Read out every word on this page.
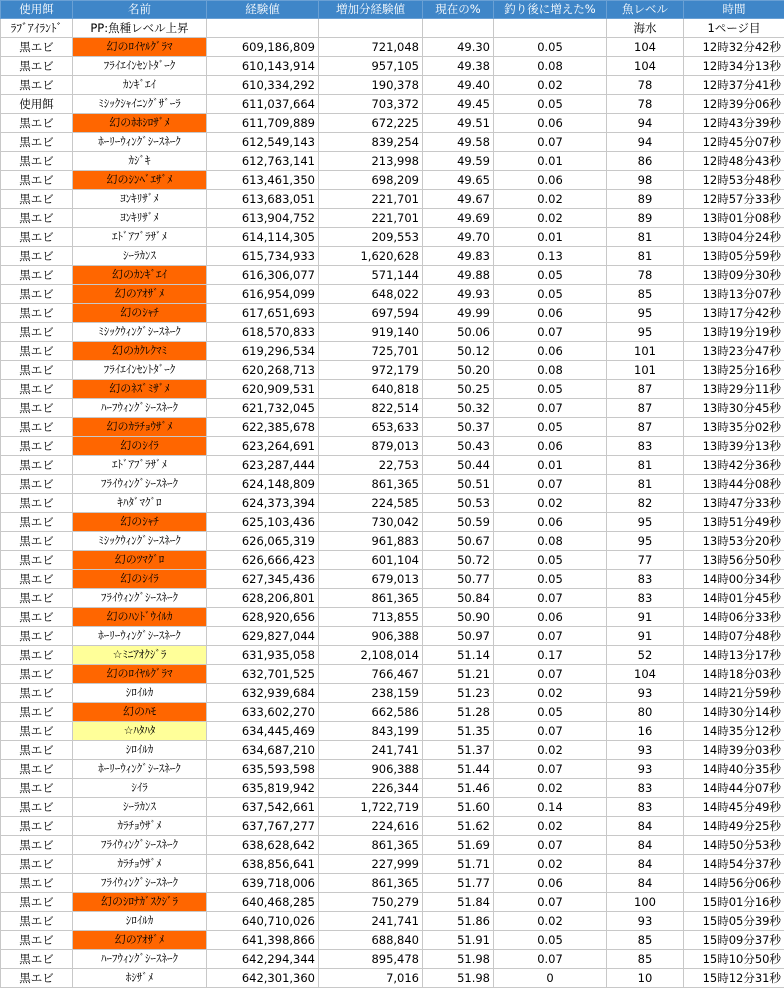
使用餌	名前	経験値	増加分経験値	現在の%	釣り後に増えた%	魚レベル	時間
ﾗﾌﾞｱｲﾗﾝﾄﾞ	PP:魚種レベル上昇					海水	1ページ目
黒エビ	幻のﾛｲﾔﾙｸﾞﾗﾏ	609,186,809	721,048	49.30	0.05	104	12時32分42秒
黒エビ	ﾌﾗｲｴｲﾝｾﾝﾄﾀﾞｰｸ	610,143,914	957,105	49.38	0.08	104	12時34分13秒
黒エビ	ｶﾝｷﾞｴｲ	610,334,292	190,378	49.40	0.02	78	12時37分41秒
使用餌	ﾐｼｯｸｼｬｲﾆﾝｸﾞｻﾞｰﾗ	611,037,664	703,372	49.45	0.05	78	12時39分06秒
黒エビ	幻のﾎﾎｼﾛｻﾞﾒ	611,709,889	672,225	49.51	0.06	94	12時43分39秒
黒エビ	ﾎｰﾘｰｳｨﾝｸﾞｼｰｽﾈｰｸ	612,549,143	839,254	49.58	0.07	94	12時45分07秒
黒エビ	ｶｼﾞｷ	612,763,141	213,998	49.59	0.01	86	12時48分43秒
黒エビ	幻のｼﾝﾍﾞｴｻﾞﾒ	613,461,350	698,209	49.65	0.06	98	12時53分48秒
黒エビ	ﾖﾝｷﾘｻﾞﾒ	613,683,051	221,701	49.67	0.02	89	12時57分33秒
黒エビ	ﾖﾝｷﾘｻﾞﾒ	613,904,752	221,701	49.69	0.02	89	13時01分08秒
黒エビ	ｴﾄﾞｱﾌﾞﾗｻﾞﾒ	614,114,305	209,553	49.70	0.01	81	13時04分24秒
黒エビ	ｼｰﾗｶﾝｽ	615,734,933	1,620,628	49.83	0.13	81	13時05分59秒
黒エビ	幻のｶﾝｷﾞｴｲ	616,306,077	571,144	49.88	0.05	78	13時09分30秒
黒エビ	幻のｱｵｻﾞﾒ	616,954,099	648,022	49.93	0.05	85	13時13分07秒
黒エビ	幻のｼｬﾁ	617,651,693	697,594	49.99	0.06	95	13時17分42秒
黒エビ	ﾐｼｯｸｳｨﾝｸﾞｼｰｽﾈｰｸ	618,570,833	919,140	50.06	0.07	95	13時19分19秒
黒エビ	幻のｶｸﾚｸﾏﾐ	619,296,534	725,701	50.12	0.06	101	13時23分47秒
黒エビ	ﾌﾗｲｴｲﾝｾﾝﾄﾀﾞｰｸ	620,268,713	972,179	50.20	0.08	101	13時25分16秒
黒エビ	幻のﾈｽﾞﾐｻﾞﾒ	620,909,531	640,818	50.25	0.05	87	13時29分11秒
黒エビ	ﾊｰﾌｳｨﾝｸﾞｼｰｽﾈｰｸ	621,732,045	822,514	50.32	0.07	87	13時30分45秒
黒エビ	幻のｶﾗﾁｮｳｻﾞﾒ	622,385,678	653,633	50.37	0.05	87	13時35分02秒
黒エビ	幻のｼｲﾗ	623,264,691	879,013	50.43	0.06	83	13時39分13秒
黒エビ	ｴﾄﾞｱﾌﾞﾗｻﾞﾒ	623,287,444	22,753	50.44	0.01	81	13時42分36秒
黒エビ	ﾌﾗｲｳｨﾝｸﾞｼｰｽﾈｰｸ	624,148,809	861,365	50.51	0.07	81	13時44分08秒
黒エビ	ｷﾊﾀﾞﾏｸﾞﾛ	624,373,394	224,585	50.53	0.02	82	13時47分33秒
黒エビ	幻のｼｬﾁ	625,103,436	730,042	50.59	0.06	95	13時51分49秒
黒エビ	ﾐｼｯｸｳｨﾝｸﾞｼｰｽﾈｰｸ	626,065,319	961,883	50.67	0.08	95	13時53分20秒
黒エビ	幻のﾂﾏｸﾞﾛ	626,666,423	601,104	50.72	0.05	77	13時56分50秒
黒エビ	幻のｼｲﾗ	627,345,436	679,013	50.77	0.05	83	14時00分34秒
黒エビ	ﾌﾗｲｳｨﾝｸﾞｼｰｽﾈｰｸ	628,206,801	861,365	50.84	0.07	83	14時01分45秒
黒エビ	幻のﾊﾝﾄﾞｳｲﾙｶ	628,920,656	713,855	50.90	0.06	91	14時06分33秒
黒エビ	ﾎｰﾘｰｳｨﾝｸﾞｼｰｽﾈｰｸ	629,827,044	906,388	50.97	0.07	91	14時07分48秒
黒エビ	☆ﾐﾆｱｵｸｼﾞﾗ	631,935,058	2,108,014	51.14	0.17	52	14時13分17秒
黒エビ	幻のﾛｲﾔﾙｸﾞﾗﾏ	632,701,525	766,467	51.21	0.07	104	14時18分03秒
黒エビ	ｼﾛｲﾙｶ	632,939,684	238,159	51.23	0.02	93	14時21分59秒
黒エビ	幻のﾊﾓ	633,602,270	662,586	51.28	0.05	80	14時30分14秒
黒エビ	☆ﾊﾀﾊﾀ	634,445,469	843,199	51.35	0.07	16	14時35分12秒
黒エビ	ｼﾛｲﾙｶ	634,687,210	241,741	51.37	0.02	93	14時39分03秒
黒エビ	ﾎｰﾘｰｳｨﾝｸﾞｼｰｽﾈｰｸ	635,593,598	906,388	51.44	0.07	93	14時40分35秒
黒エビ	ｼｲﾗ	635,819,942	226,344	51.46	0.02	83	14時44分07秒
黒エビ	ｼｰﾗｶﾝｽ	637,542,661	1,722,719	51.60	0.14	83	14時45分49秒
黒エビ	ｶﾗﾁｮｳｻﾞﾒ	637,767,277	224,616	51.62	0.02	84	14時49分25秒
黒エビ	ﾌﾗｲｳｨﾝｸﾞｼｰｽﾈｰｸ	638,628,642	861,365	51.69	0.07	84	14時50分53秒
黒エビ	ｶﾗﾁｮｳｻﾞﾒ	638,856,641	227,999	51.71	0.02	84	14時54分37秒
黒エビ	ﾌﾗｲｳｨﾝｸﾞｼｰｽﾈｰｸ	639,718,006	861,365	51.77	0.06	84	14時56分06秒
黒エビ	幻のｼﾛﾅｶﾞｽｸｼﾞﾗ	640,468,285	750,279	51.84	0.07	100	15時01分16秒
黒エビ	ｼﾛｲﾙｶ	640,710,026	241,741	51.86	0.02	93	15時05分39秒
黒エビ	幻のｱｵｻﾞﾒ	641,398,866	688,840	51.91	0.05	85	15時09分37秒
黒エビ	ﾊｰﾌｳｨﾝｸﾞｼｰｽﾈｰｸ	642,294,344	895,478	51.98	0.07	85	15時10分50秒
黒エビ	ﾎｼｻﾞﾒ	642,301,360	7,016	51.98	0	10	15時12分31秒
